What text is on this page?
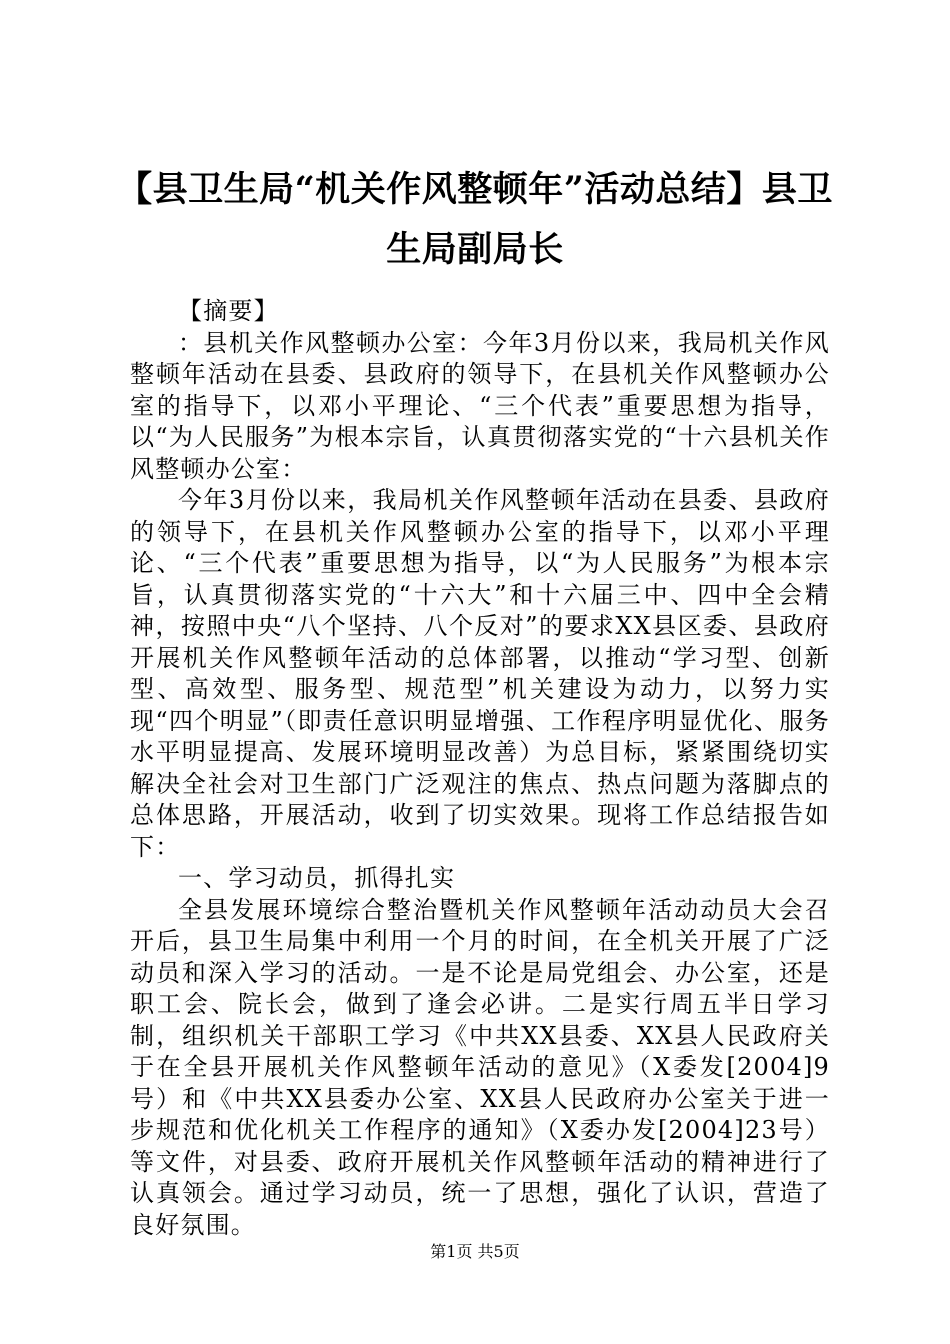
【县卫生局“机关作风整顿年”活动总结】县卫生局副局长

【摘要】

：县机关作风整顿办公室：今年3月份以来，我局机关作风整顿年活动在县委、县政府的领导下，在县机关作风整顿办公室的指导下，以邓小平理论、“三个代表”重要思想为指导，以“为人民服务”为根本宗旨，认真贯彻落实党的“十六县机关作风整顿办公室：

今年3月份以来，我局机关作风整顿年活动在县委、县政府的领导下，在县机关作风整顿办公室的指导下，以邓小平理论、“三个代表”重要思想为指导，以“为人民服务”为根本宗旨，认真贯彻落实党的“十六大”和十六届三中、四中全会精神，按照中央“八个坚持、八个反对”的要求XX县区委、县政府开展机关作风整顿年活动的总体部署，以推动“学习型、创新型、高效型、服务型、规范型”机关建设为动力，以努力实现“四个明显”（即责任意识明显增强、工作程序明显优化、服务水平明显提高、发展环境明显改善）为总目标，紧紧围绕切实解决全社会对卫生部门广泛观注的焦点、热点问题为落脚点的总体思路，开展活动，收到了切实效果。现将工作总结报告如下：

一、学习动员，抓得扎实

全县发展环境综合整治暨机关作风整顿年活动动员大会召开后，县卫生局集中利用一个月的时间，在全机关开展了广泛动员和深入学习的活动。一是不论是局党组会、办公室，还是职工会、院长会，做到了逢会必讲。二是实行周五半日学习制，组织机关干部职工学习《中共XX县委、XX县人民政府关于在全县开展机关作风整顿年活动的意见》（X委发[2004]9号）和《中共XX县委办公室、XX县人民政府办公室关于进一步规范和优化机关工作程序的通知》（X委办发[2004]23号）等文件，对县委、政府开展机关作风整顿年活动的精神进行了认真领会。通过学习动员，统一了思想，强化了认识，营造了良好氛围。

第1页 共5页
